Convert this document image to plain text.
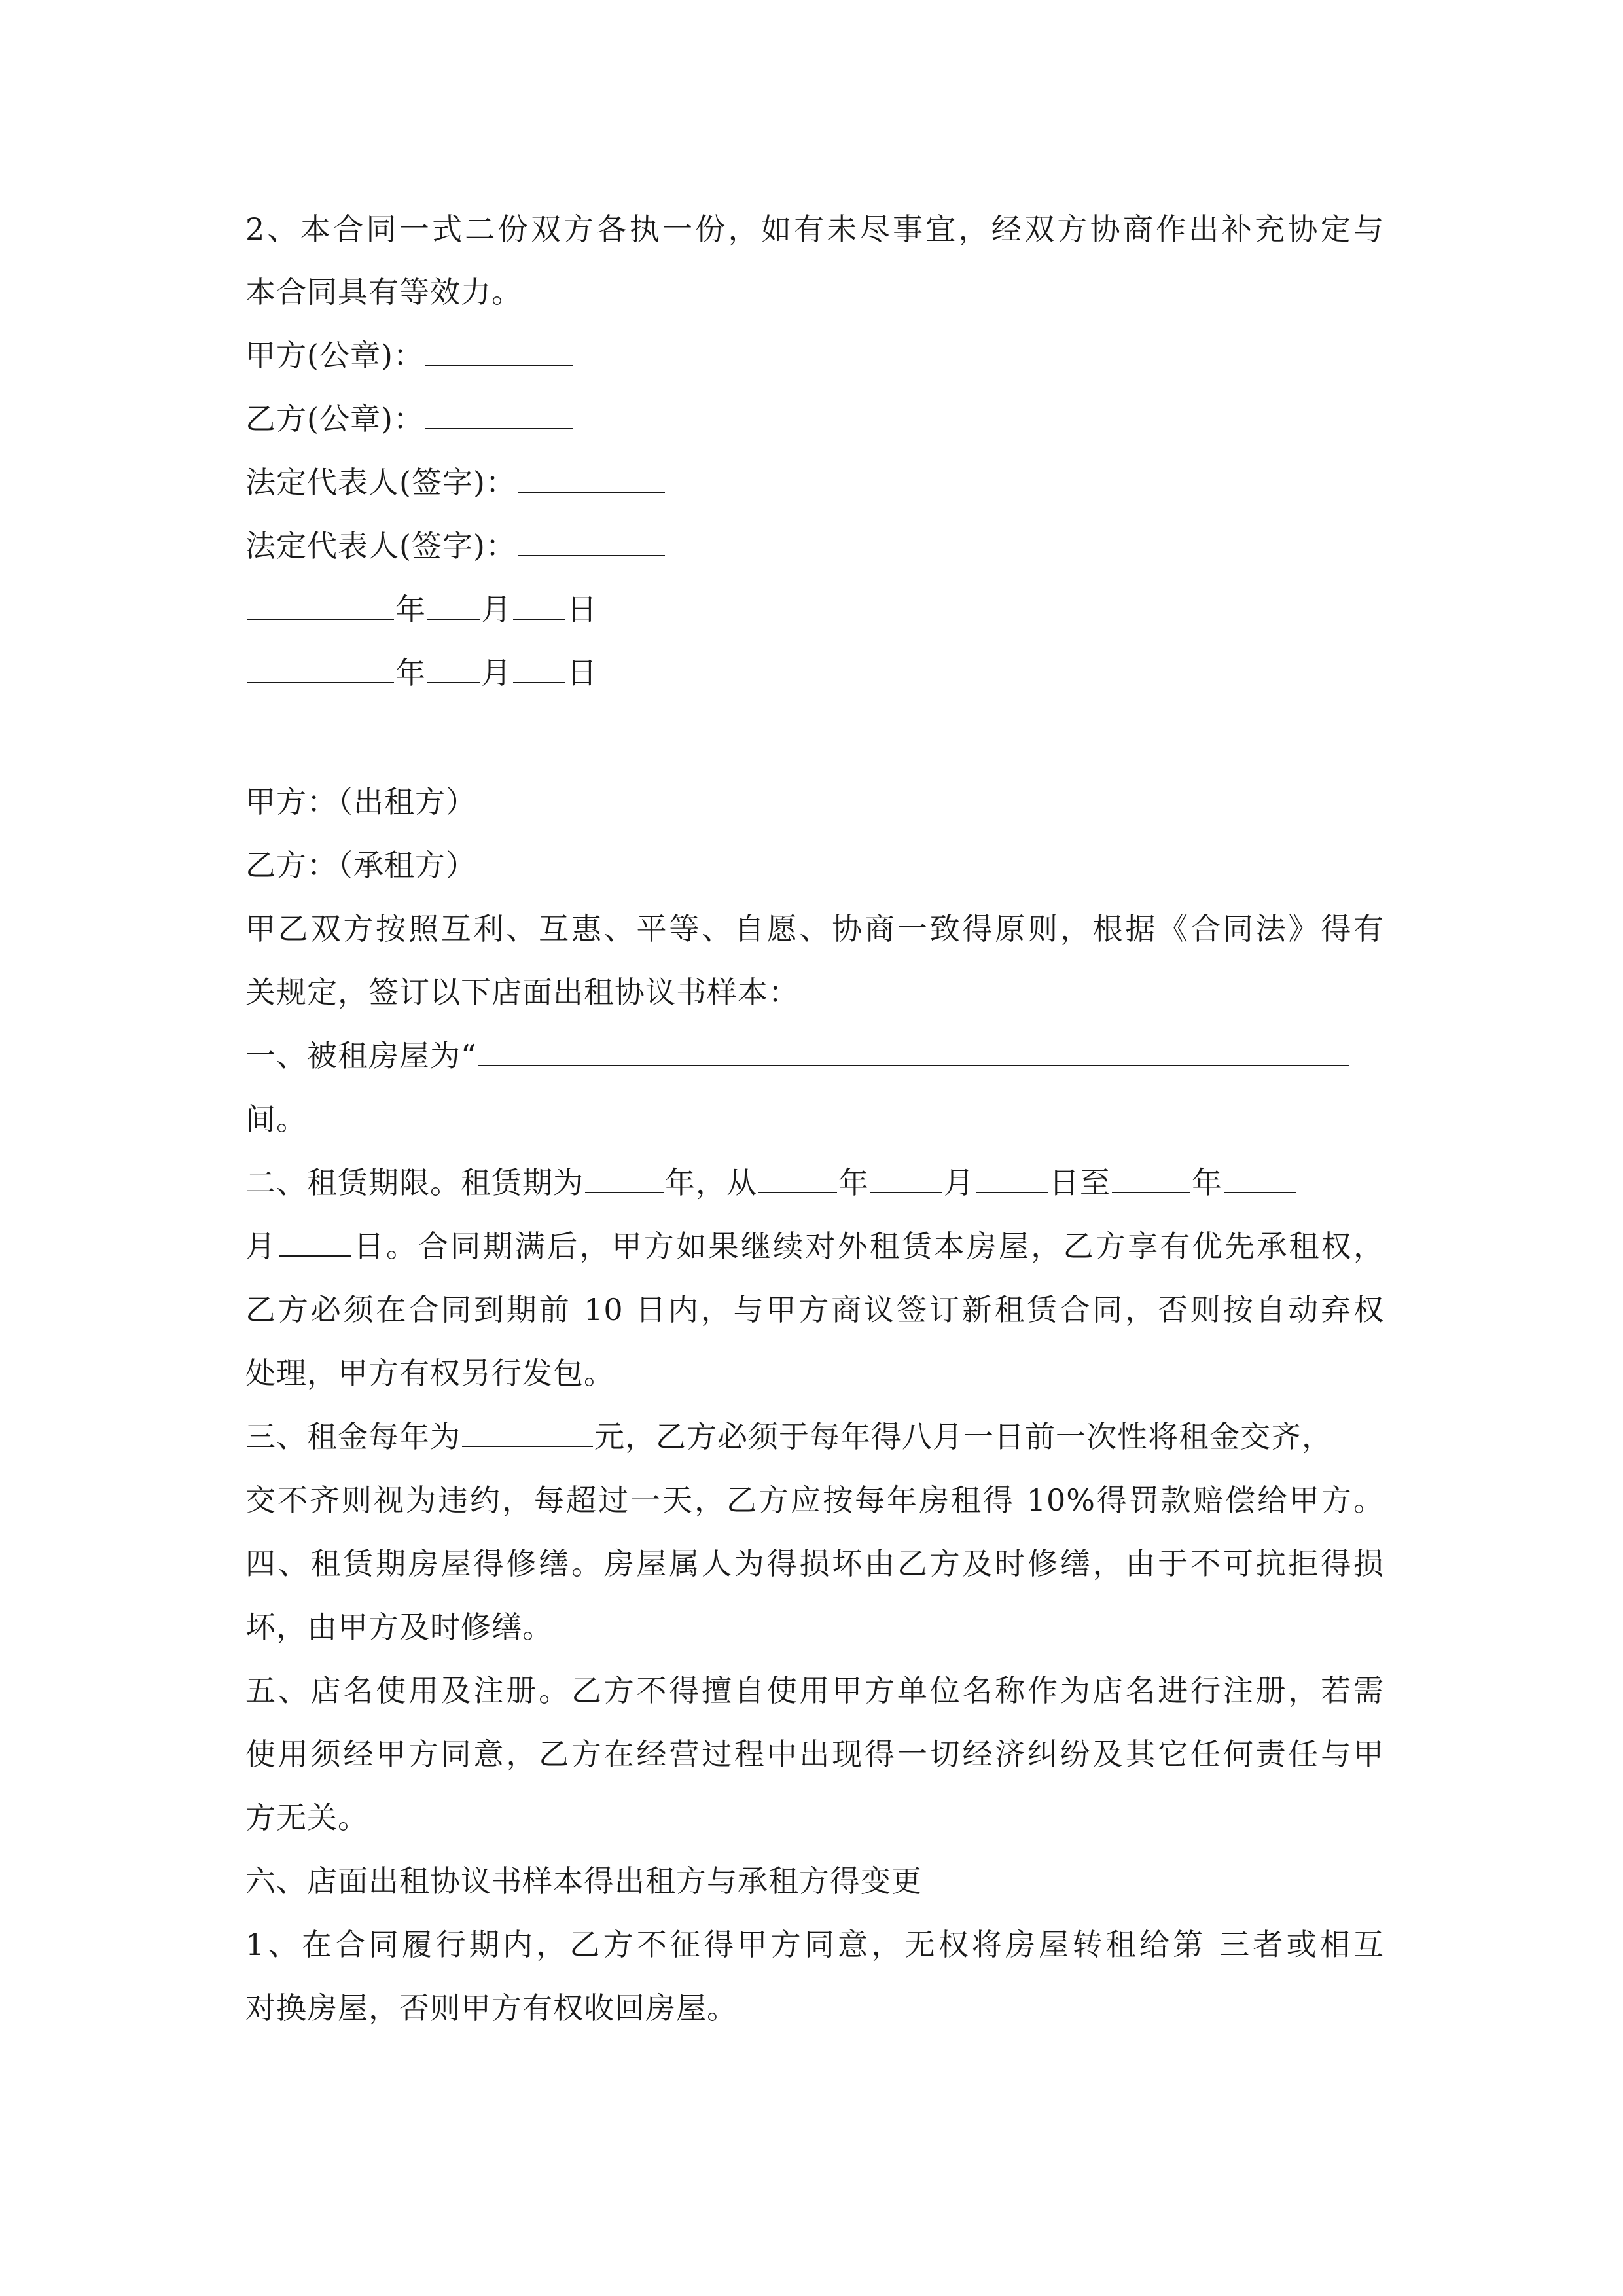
2、本合同一式二份双方各执一份，如有未尽事宜，经双方协商作出补充协定与
本合同具有等效力。
甲方(公章)：
乙方(公章)：
法定代表人(签字)：
法定代表人(签字)：
年 月 日
年 月 日
甲方：（出租方）
乙方：（承租方）
甲乙双方按照互利、互惠、平等、自愿、协商一致得原则，根据《合同法》得有
关规定，签订以下店面出租协议书样本：
一、被租房屋为“
间。
二、租赁期限。租赁期为	年，从	年 月 日至	年
月 日。合同期满后，甲方如果继续对外租赁本房屋，乙方享有优先承租权，
乙方必须在合同到期前 10 日内，与甲方商议签订新租赁合同，否则按自动弃权
处理，甲方有权另行发包。
三、租金每年为	元，乙方必须于每年得八月一日前一次性将租金交齐，
交不齐则视为违约，每超过一天，乙方应按每年房租得 10%得罚款赔偿给甲方。
四、租赁期房屋得修缮。房屋属人为得损坏由乙方及时修缮，由于不可抗拒得损
坏，由甲方及时修缮。
五、店名使用及注册。乙方不得擅自使用甲方单位名称作为店名进行注册，若需
使用须经甲方同意，乙方在经营过程中出现得一切经济纠纷及其它任何责任与甲
方无关。
六、店面出租协议书样本得出租方与承租方得变更
1、在合同履行期内，乙方不征得甲方同意，无权将房屋转租给第 三者或相互
对换房屋，否则甲方有权收回房屋。
